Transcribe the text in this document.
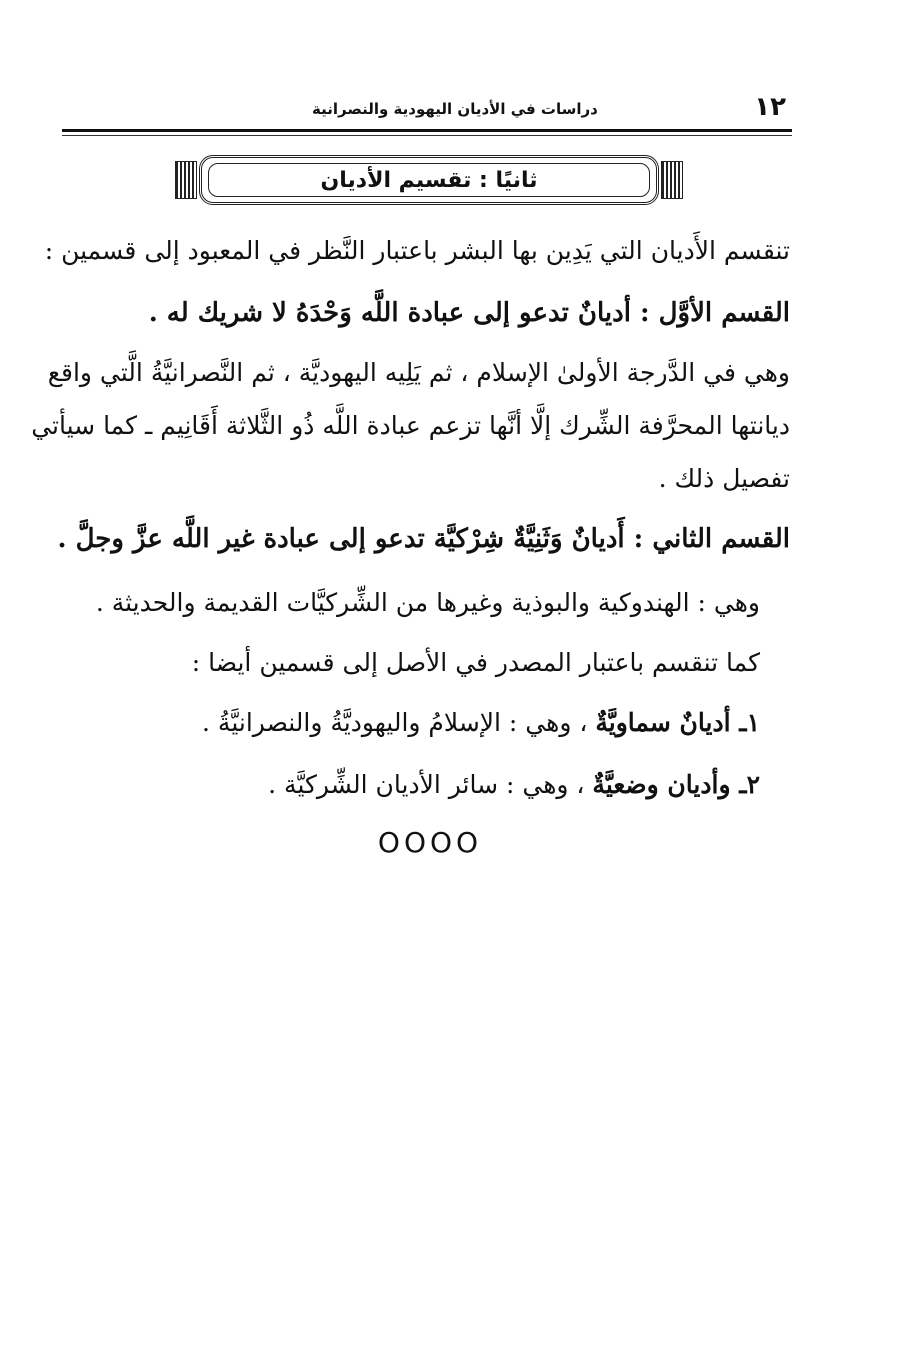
١٢
دراسات في الأديان اليهودية والنصرانية
ثانيًا : تقسيم الأديان
تنقسم الأَديان التي يَدِين بها البشر باعتبار النَّظر في المعبود إلى قسمين :
القسم الأوَّل : أديانٌ تدعو إلى عبادة اللَّه وَحْدَهُ لا شريك له .
وهي في الدَّرجة الأولىٰ الإسلام ، ثم يَلِيه اليهوديَّة ، ثم النَّصرانيَّةُ الَّتي واقع
ديانتها المحرَّفة الشِّرك إلَّا أنَّها تزعم عبادة اللَّه ذُو الثَّلاثة أَقَانِيم ـ كما سيأتي
تفصيل ذلك .
القسم الثاني : أَديانٌ وَثَنِيَّةٌ شِرْكيَّة تدعو إلى عبادة غير اللَّه عزَّ وجلَّ .
وهي : الهندوكية والبوذية وغيرها من الشِّركيَّات القديمة والحديثة .
كما تنقسم باعتبار المصدر في الأصل إلى قسمين أيضا :
١ـ أديانٌ سماويَّةٌ ، وهي : الإسلامُ واليهوديَّةُ والنصرانيَّةُ .
٢ـ وأديان وضعيَّةٌ ، وهي : سائر الأديان الشِّركيَّة .
OOOO
